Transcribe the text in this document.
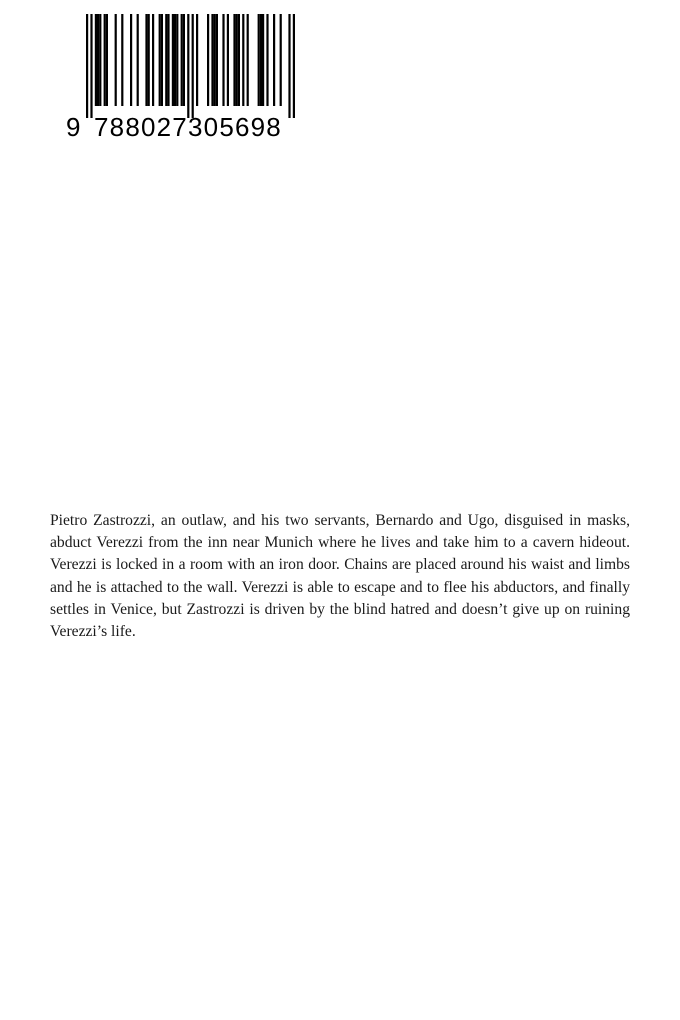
9 788027 305698

Pietro Zastrozzi, an outlaw, and his two servants, Bernardo and Ugo, disguised in masks, abduct Verezzi from the inn near Munich where he lives and take him to a cavern hideout. Verezzi is locked in a room with an iron door. Chains are placed around his waist and limbs and he is attached to the wall. Verezzi is able to escape and to flee his abductors, and finally settles in Venice, but Zastrozzi is driven by the blind hatred and doesn’t give up on ruining Verezzi’s life.
